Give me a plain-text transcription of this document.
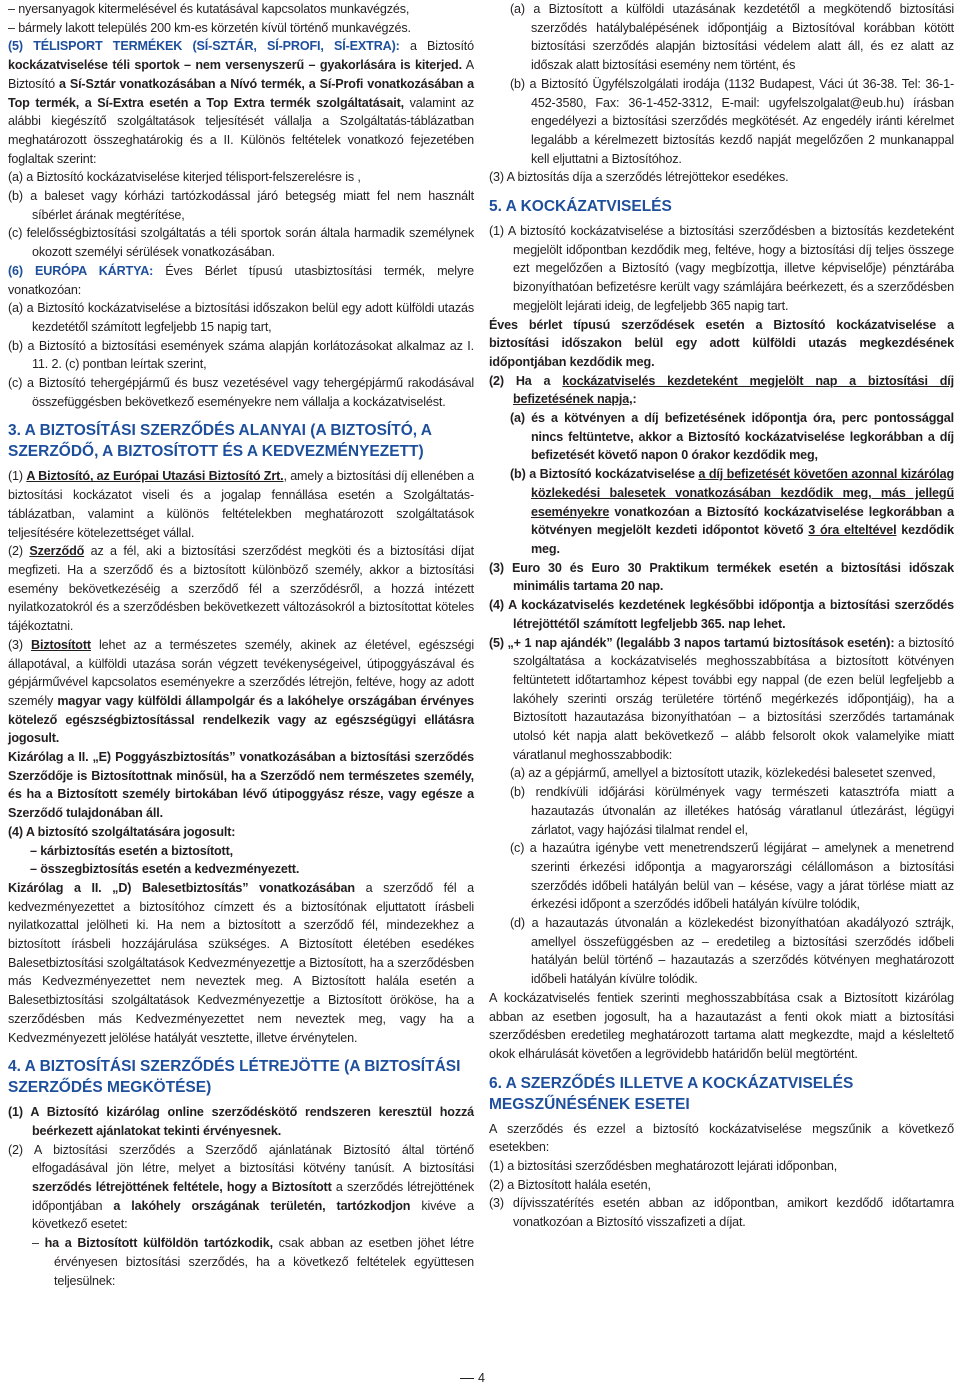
– nyersanyagok kitermelésével és kutatásával kapcsolatos munkavégzés,

– bármely lakott település 200 km-es körzetén kívül történő munkavégzés.

(5) TÉLISPORT TERMÉKEK (SÍ-SZTÁR, SÍ-PROFI, SÍ-EXTRA): a Biztosító kockázatviselése téli sportok – nem versenyszerű – gyakorlására is kiterjed. A Biztosító a Sí-Sztár vonatkozásában a Nívó termék, a Sí-Profi vonatkozásában a Top termék, a Sí-Extra esetén a Top Extra termék szolgáltatásait, valamint az alábbi kiegészítő szolgáltatások teljesítését vállalja a Szolgáltatás-táblázatban meghatározott összeghatárokig és a II. Különös feltételek vonatkozó fejezetében foglaltak szerint:

(a) a Biztosító kockázatviselése kiterjed télisport-felszerelésre is ,

(b) a baleset vagy kórházi tartózkodással járó betegség miatt fel nem használt síbérlet árának megtérítése,

(c) felelősségbiztosítási szolgáltatás a téli sportok során általa harmadik személynek okozott személyi sérülések vonatkozásában.

(6) EURÓPA KÁRTYA: Éves Bérlet típusú utasbiztosítási termék, melyre vonatkozóan:

(a) a Biztosító kockázatviselése a biztosítási időszakon belül egy adott külföldi utazás kezdetétől számított legfeljebb 15 napig tart,

(b) a Biztosító a biztosítási események száma alapján korlátozásokat alkalmaz az I. 11. 2. (c) pontban leírtak szerint,

(c) a Biztosító tehergépjármű és busz vezetésével vagy tehergépjármű rakodásával összefüggésben bekövetkező eseményekre nem vállalja a kockázatviselést.

3. A BIZTOSÍTÁSI SZERZŐDÉS ALANYAI (A BIZTOSÍTÓ, A SZERZŐDŐ, A BIZTOSÍTOTT ÉS A KEDVEZMÉNYEZETT)

(1) A Biztosító, az Európai Utazási Biztosító Zrt., amely a biztosítási díj ellenében a biztosítási kockázatot viseli és a jogalap fennállása esetén a Szolgáltatás-táblázatban, valamint a különös feltételekben meghatározott szolgáltatások teljesítésére kötelezettséget vállal.

(2) Szerződő az a fél, aki a biztosítási szerződést megköti és a biztosítási díjat megfizeti. Ha a szerződő és a biztosított különböző személy, akkor a biztosítási esemény bekövetkezéséig a szerződő fél a szerződésről, a hozzá intézett nyilatkozatokról és a szerződésben bekövetkezett változásokról a biztosítottat köteles tájékoztatni.

(3) Biztosított lehet az a természetes személy, akinek az életével, egészségi állapotával, a külföldi utazása során végzett tevékenységeivel, útipoggyászával és gépjárművével kapcsolatos eseményekre a szerződés létrejön, feltéve, hogy az adott személy magyar vagy külföldi állampolgár és a lakóhelye országában érvényes kötelező egészségbiztosítással rendelkezik vagy az egészségügyi ellátásra jogosult.

Kizárólag a II. „E) Poggyászbiztosítás” vonatkozásában a biztosítási szerződés Szerződője is Biztosítottnak minősül, ha a Szerződő nem természetes személy, és ha a Biztosított személy birtokában lévő útipoggyász része, vagy egésze a Szerződő tulajdonában áll.

(4) A biztosító szolgáltatására jogosult:

– kárbiztosítás esetén a biztosított,

– összegbiztosítás esetén a kedvezményezett.

Kizárólag a II. „D) Balesetbiztosítás” vonatkozásában a szerződő fél a kedvezményezettet a biztosítóhoz címzett és a biztosítónak eljuttatott írásbeli nyilatkozattal jelölheti ki. Ha nem a biztosított a szerződő fél, mindezekhez a biztosított írásbeli hozzájárulása szükséges. A Biztosított életében esedékes Balesetbiztosítási szolgáltatások Kedvezményezettje a Biztosított, ha a szerződésben más Kedvezményezettet nem neveztek meg. A Biztosított halála esetén a Balesetbiztosítási szolgáltatások Kedvezményezettje a Biztosított örököse, ha a szerződésben más Kedvezményezettet nem neveztek meg, vagy ha a Kedvezményezett jelölése hatályát vesztette, illetve érvénytelen.

4. A BIZTOSÍTÁSI SZERZŐDÉS LÉTREJÖTTE (A BIZTOSÍTÁSI SZERZŐDÉS MEGKÖTÉSE)

(1) A Biztosító kizárólag online szerződéskötő rendszeren keresztül hozzá beérkezett ajánlatokat tekinti érvényesnek.

(2) A biztosítási szerződés a Szerződő ajánlatának Biztosító által történő elfogadásával jön létre, melyet a biztosítási kötvény tanúsít. A biztosítási szerződés létrejöttének feltétele, hogy a Biztosított a szerződés létrejöttének időpontjában a lakóhely országának területén, tartózkodjon kivéve a következő esetet:

– ha a Biztosított külföldön tartózkodik, csak abban az esetben jöhet létre érvényesen biztosítási szerződés, ha a következő feltételek együttesen teljesülnek:

(a) a Biztosított a külföldi utazásának kezdetétől a megkötendő biztosítási szerződés hatálybalépésének időpontjáig a Biztosítóval korábban kötött biztosítási szerződés alapján biztosítási védelem alatt áll, és ez alatt az időszak alatt biztosítási esemény nem történt, és

(b) a Biztosító Ügyfélszolgálati irodája (1132 Budapest, Váci út 36-38. Tel: 36-1-452-3580, Fax: 36-1-452-3312, E-mail: ugyfelszolgalat@eub.hu) írásban engedélyezi a biztosítási szerződés megkötését. Az engedély iránti kérelmet legalább a kérelmezett biztosítás kezdő napját megelőzően 2 munkanappal kell eljuttatni a Biztosítóhoz.

(3) A biztosítás díja a szerződés létrejöttekor esedékes.

5. A KOCKÁZATVISELÉS

(1) A biztosító kockázatviselése a biztosítási szerződésben a biztosítás kezdeteként megjelölt időpontban kezdődik meg, feltéve, hogy a biztosítási díj teljes összege ezt megelőzően a Biztosító (vagy megbízottja, illetve képviselője) pénztárába bizonyíthatóan befizetésre került vagy számlájára beérkezett, és a szerződésben megjelölt lejárati ideig, de legfeljebb 365 napig tart.

Éves bérlet típusú szerződések esetén a Biztosító kockázatviselése a biztosítási időszakon belül egy adott külföldi utazás megkezdésének időpontjában kezdődik meg.

(2) Ha a kockázatviselés kezdeteként megjelölt nap a biztosítási díj befizetésének napja,:

(a) és a kötvényen a díj befizetésének időpontja óra, perc pontossággal nincs feltüntetve, akkor a Biztosító kockázatviselése legkorábban a díj befizetését követő napon 0 órakor kezdődik meg,

(b) a Biztosító kockázatviselése a díj befizetését követően azonnal kizárólag közlekedési balesetek vonatkozásában kezdődik meg, más jellegű eseményekre vonatkozóan a Biztosító kockázatviselése legkorábban a kötvényen megjelölt kezdeti időpontot követő 3 óra elteltével kezdődik meg.

(3) Euro 30 és Euro 30 Praktikum termékek esetén a biztosítási időszak minimális tartama 20 nap.

(4) A kockázatviselés kezdetének legkésőbbi időpontja a biztosítási szerződés létrejöttétől számított legfeljebb 365. nap lehet.

(5) „+ 1 nap ajándék” (legalább 3 napos tartamú biztosítások esetén): a biztosító szolgáltatása a kockázatviselés meghosszabbítása a biztosított kötvényen feltüntetett időtartamhoz képest további egy nappal (de ezen belül legfeljebb a lakóhely szerinti ország területére történő megérkezés időpontjáig), ha a Biztosított hazautazása bizonyíthatóan – a biztosítási szerződés tartamának utolsó két napja alatt bekövetkező – alább felsorolt okok valamelyike miatt váratlanul meghosszabbodik:

(a) az a gépjármű, amellyel a biztosított utazik, közlekedési balesetet szenved,

(b) rendkívüli időjárási körülmények vagy természeti katasztrófa miatt a hazautazás útvonalán az illetékes hatóság váratlanul útlezárást, légügyi zárlatot, vagy hajózási tilalmat rendel el,

(c) a hazaútra igénybe vett menetrendszerű légijárat – amelynek a menetrend szerinti érkezési időpontja a magyarországi célállomáson a biztosítási szerződés időbeli hatályán belül van – késése, vagy a járat törlése miatt az érkezési időpont a szerződés időbeli hatályán kívülre tolódik,

(d) a hazautazás útvonalán a közlekedést bizonyíthatóan akadályozó sztrájk, amellyel összefüggésben az – eredetileg a biztosítási szerződés időbeli hatályán belül történő – hazautazás a szerződés kötvényen meghatározott időbeli hatályán kívülre tolódik.

A kockázatviselés fentiek szerinti meghosszabbítása csak a Biztosított kizárólag abban az esetben jogosult, ha a hazautazást a fenti okok miatt a biztosítási szerződésben eredetileg meghatározott tartama alatt megkezdte, majd a késleltető okok elhárulását követően a legrövidebb határidőn belül megtörtént.

6. A SZERZŐDÉS ILLETVE A KOCKÁZATVISELÉS MEGSZŰNÉSÉNEK ESETEI

A szerződés és ezzel a biztosító kockázatviselése megszűnik a következő esetekben:

(1) a biztosítási szerződésben meghatározott lejárati időponban,

(2) a Biztosított halála esetén,

(3) díjvisszatérítés esetén abban az időpontban, amikort kezdődő időtartamra vonatkozóan a Biztosító visszafizeti a díjat.

4
